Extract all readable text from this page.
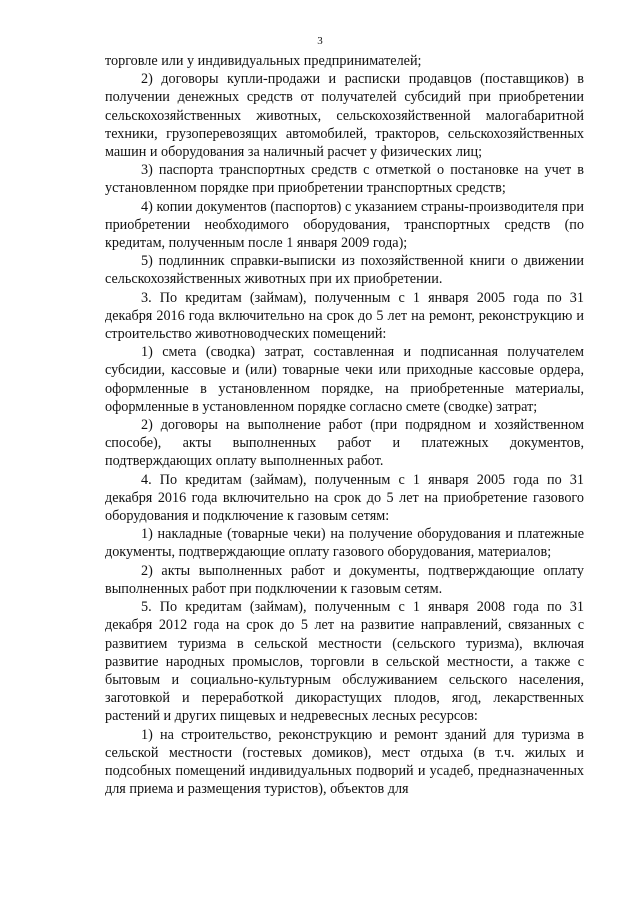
3

торговле или у индивидуальных предпринимателей;

2) договоры купли-продажи и расписки продавцов (поставщиков) в получении денежных средств от получателей субсидий при приобретении сельскохозяйственных животных, сельскохозяйственной малогабаритной техники, грузоперевозящих автомобилей, тракторов, сельскохозяйственных машин и оборудования за наличный расчет у физических лиц;

3) паспорта транспортных средств с отметкой о постановке на учет в установленном порядке при приобретении транспортных средств;

4) копии документов (паспортов) с указанием страны-производителя при приобретении необходимого оборудования, транспортных средств (по кредитам, полученным после 1 января 2009 года);

5) подлинник справки-выписки из похозяйственной книги о движении сельскохозяйственных животных при их приобретении.

3. По кредитам (займам), полученным с 1 января 2005 года по 31 декабря 2016 года включительно на срок до 5 лет на ремонт, реконструкцию и строительство животноводческих помещений:

1) смета (сводка) затрат, составленная и подписанная получателем субсидии, кассовые и (или) товарные чеки или приходные кассовые ордера, оформленные в установленном порядке, на приобретенные материалы, оформленные в установленном порядке согласно смете (сводке) затрат;

2) договоры на выполнение работ (при подрядном и хозяйственном способе), акты выполненных работ и платежных документов, подтверждающих оплату выполненных работ.

4. По кредитам (займам), полученным с 1 января 2005 года по 31 декабря 2016 года включительно на срок до 5 лет на приобретение газового оборудования и подключение к газовым сетям:

1) накладные (товарные чеки) на получение оборудования и платежные документы, подтверждающие оплату газового оборудования, материалов;

2) акты выполненных работ и документы, подтверждающие оплату выполненных работ при подключении к газовым сетям.

5. По кредитам (займам), полученным с 1 января 2008 года по 31 декабря 2012 года на срок до 5 лет на развитие направлений, связанных с развитием туризма в сельской местности (сельского туризма), включая развитие народных промыслов, торговли в сельской местности, а также с бытовым и социально-культурным обслуживанием сельского населения, заготовкой и переработкой дикорастущих плодов, ягод, лекарственных растений и других пищевых и недревесных лесных ресурсов:

1) на строительство, реконструкцию и ремонт зданий для туризма в сельской местности (гостевых домиков), мест отдыха (в т.ч. жилых и подсобных помещений индивидуальных подворий и усадеб, предназначенных для приема и размещения туристов), объектов для
